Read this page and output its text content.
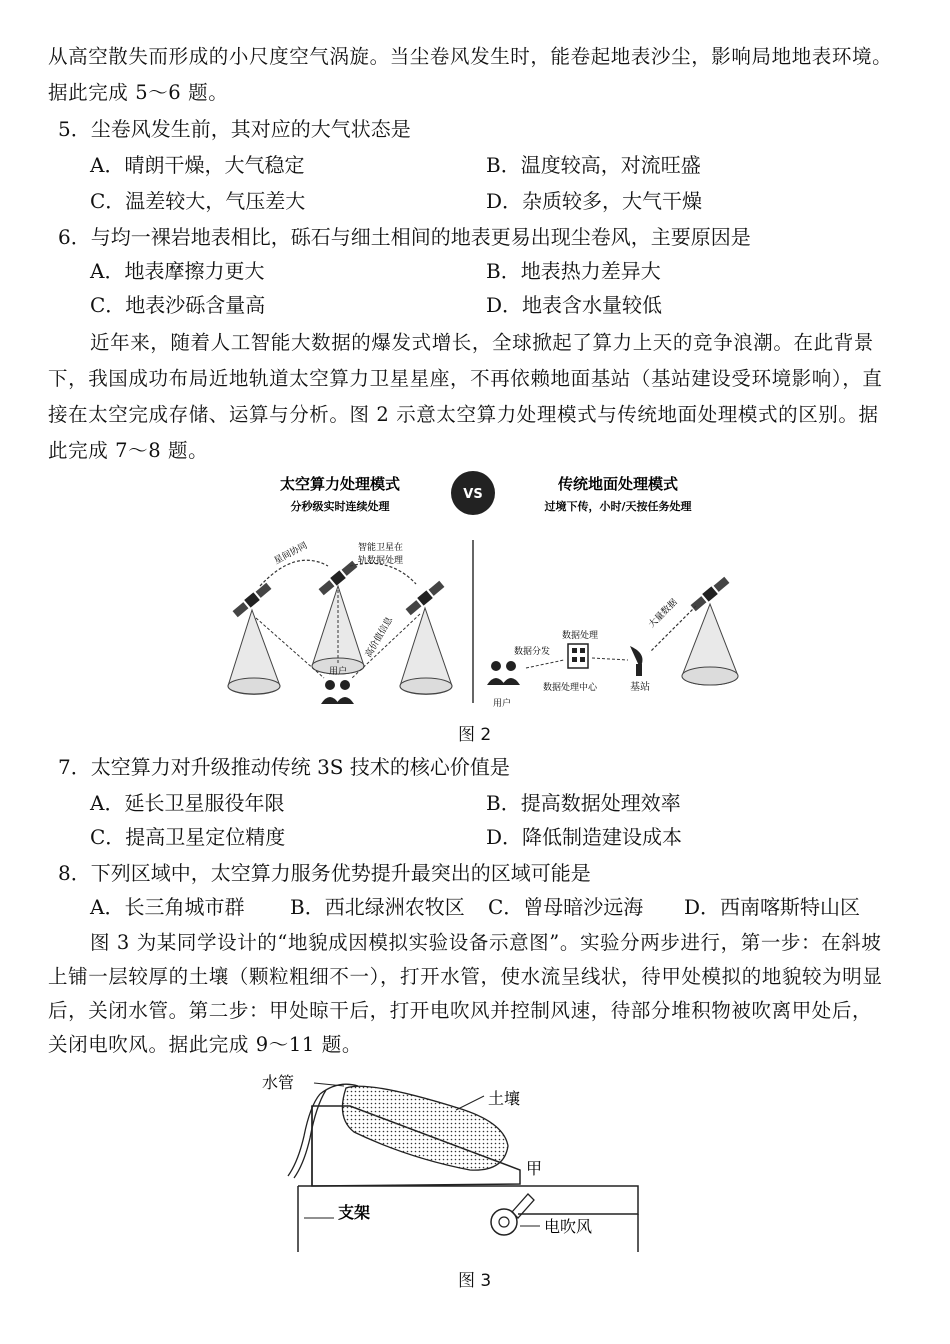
从高空散失而形成的小尺度空气涡旋。当尘卷风发生时，能卷起地表沙尘，影响局地地表环境。
据此完成 5～6 题。
5．尘卷风发生前，其对应的大气状态是
A．晴朗干燥，大气稳定	B．温度较高，对流旺盛
C．温差较大，气压差大	D．杂质较多，大气干燥
6．与均一裸岩地表相比，砾石与细土相间的地表更易出现尘卷风，主要原因是
A．地表摩擦力更大	B．地表热力差异大
C．地表沙砾含量高	D．地表含水量较低
近年来，随着人工智能大数据的爆发式增长，全球掀起了算力上天的竞争浪潮。在此背景
下，我国成功布局近地轨道太空算力卫星星座，不再依赖地面基站（基站建设受环境影响），直
接在太空完成存储、运算与分析。图 2 示意太空算力处理模式与传统地面处理模式的区别。据
此完成 7～8 题。
太空算力处理模式
分秒级实时连续处理
VS
传统地面处理模式
过境下传，小时/天按任务处理
星间协同	智能卫星在
轨数据处理
高价值信息
用户
大量数据
基站
数据处理
数据处理中心
数据分发
用户
图 2
7．太空算力对升级推动传统 3S 技术的核心价值是
A．延长卫星服役年限	B．提高数据处理效率
C．提高卫星定位精度	D．降低制造建设成本
8．下列区域中，太空算力服务优势提升最突出的区域可能是
A．长三角城市群 B．西北绿洲农牧区 C．曾母暗沙远海 D．西南喀斯特山区
图 3 为某同学设计的“地貌成因模拟实验设备示意图”。实验分两步进行，第一步：在斜坡
上铺一层较厚的土壤（颗粒粗细不一），打开水管，使水流呈线状，待甲处模拟的地貌较为明显
后，关闭水管。第二步：甲处晾干后，打开电吹风并控制风速，待部分堆积物被吹离甲处后，
关闭电吹风。据此完成 9～11 题。
水管
土壤
甲
支架
电吹风
图 3
